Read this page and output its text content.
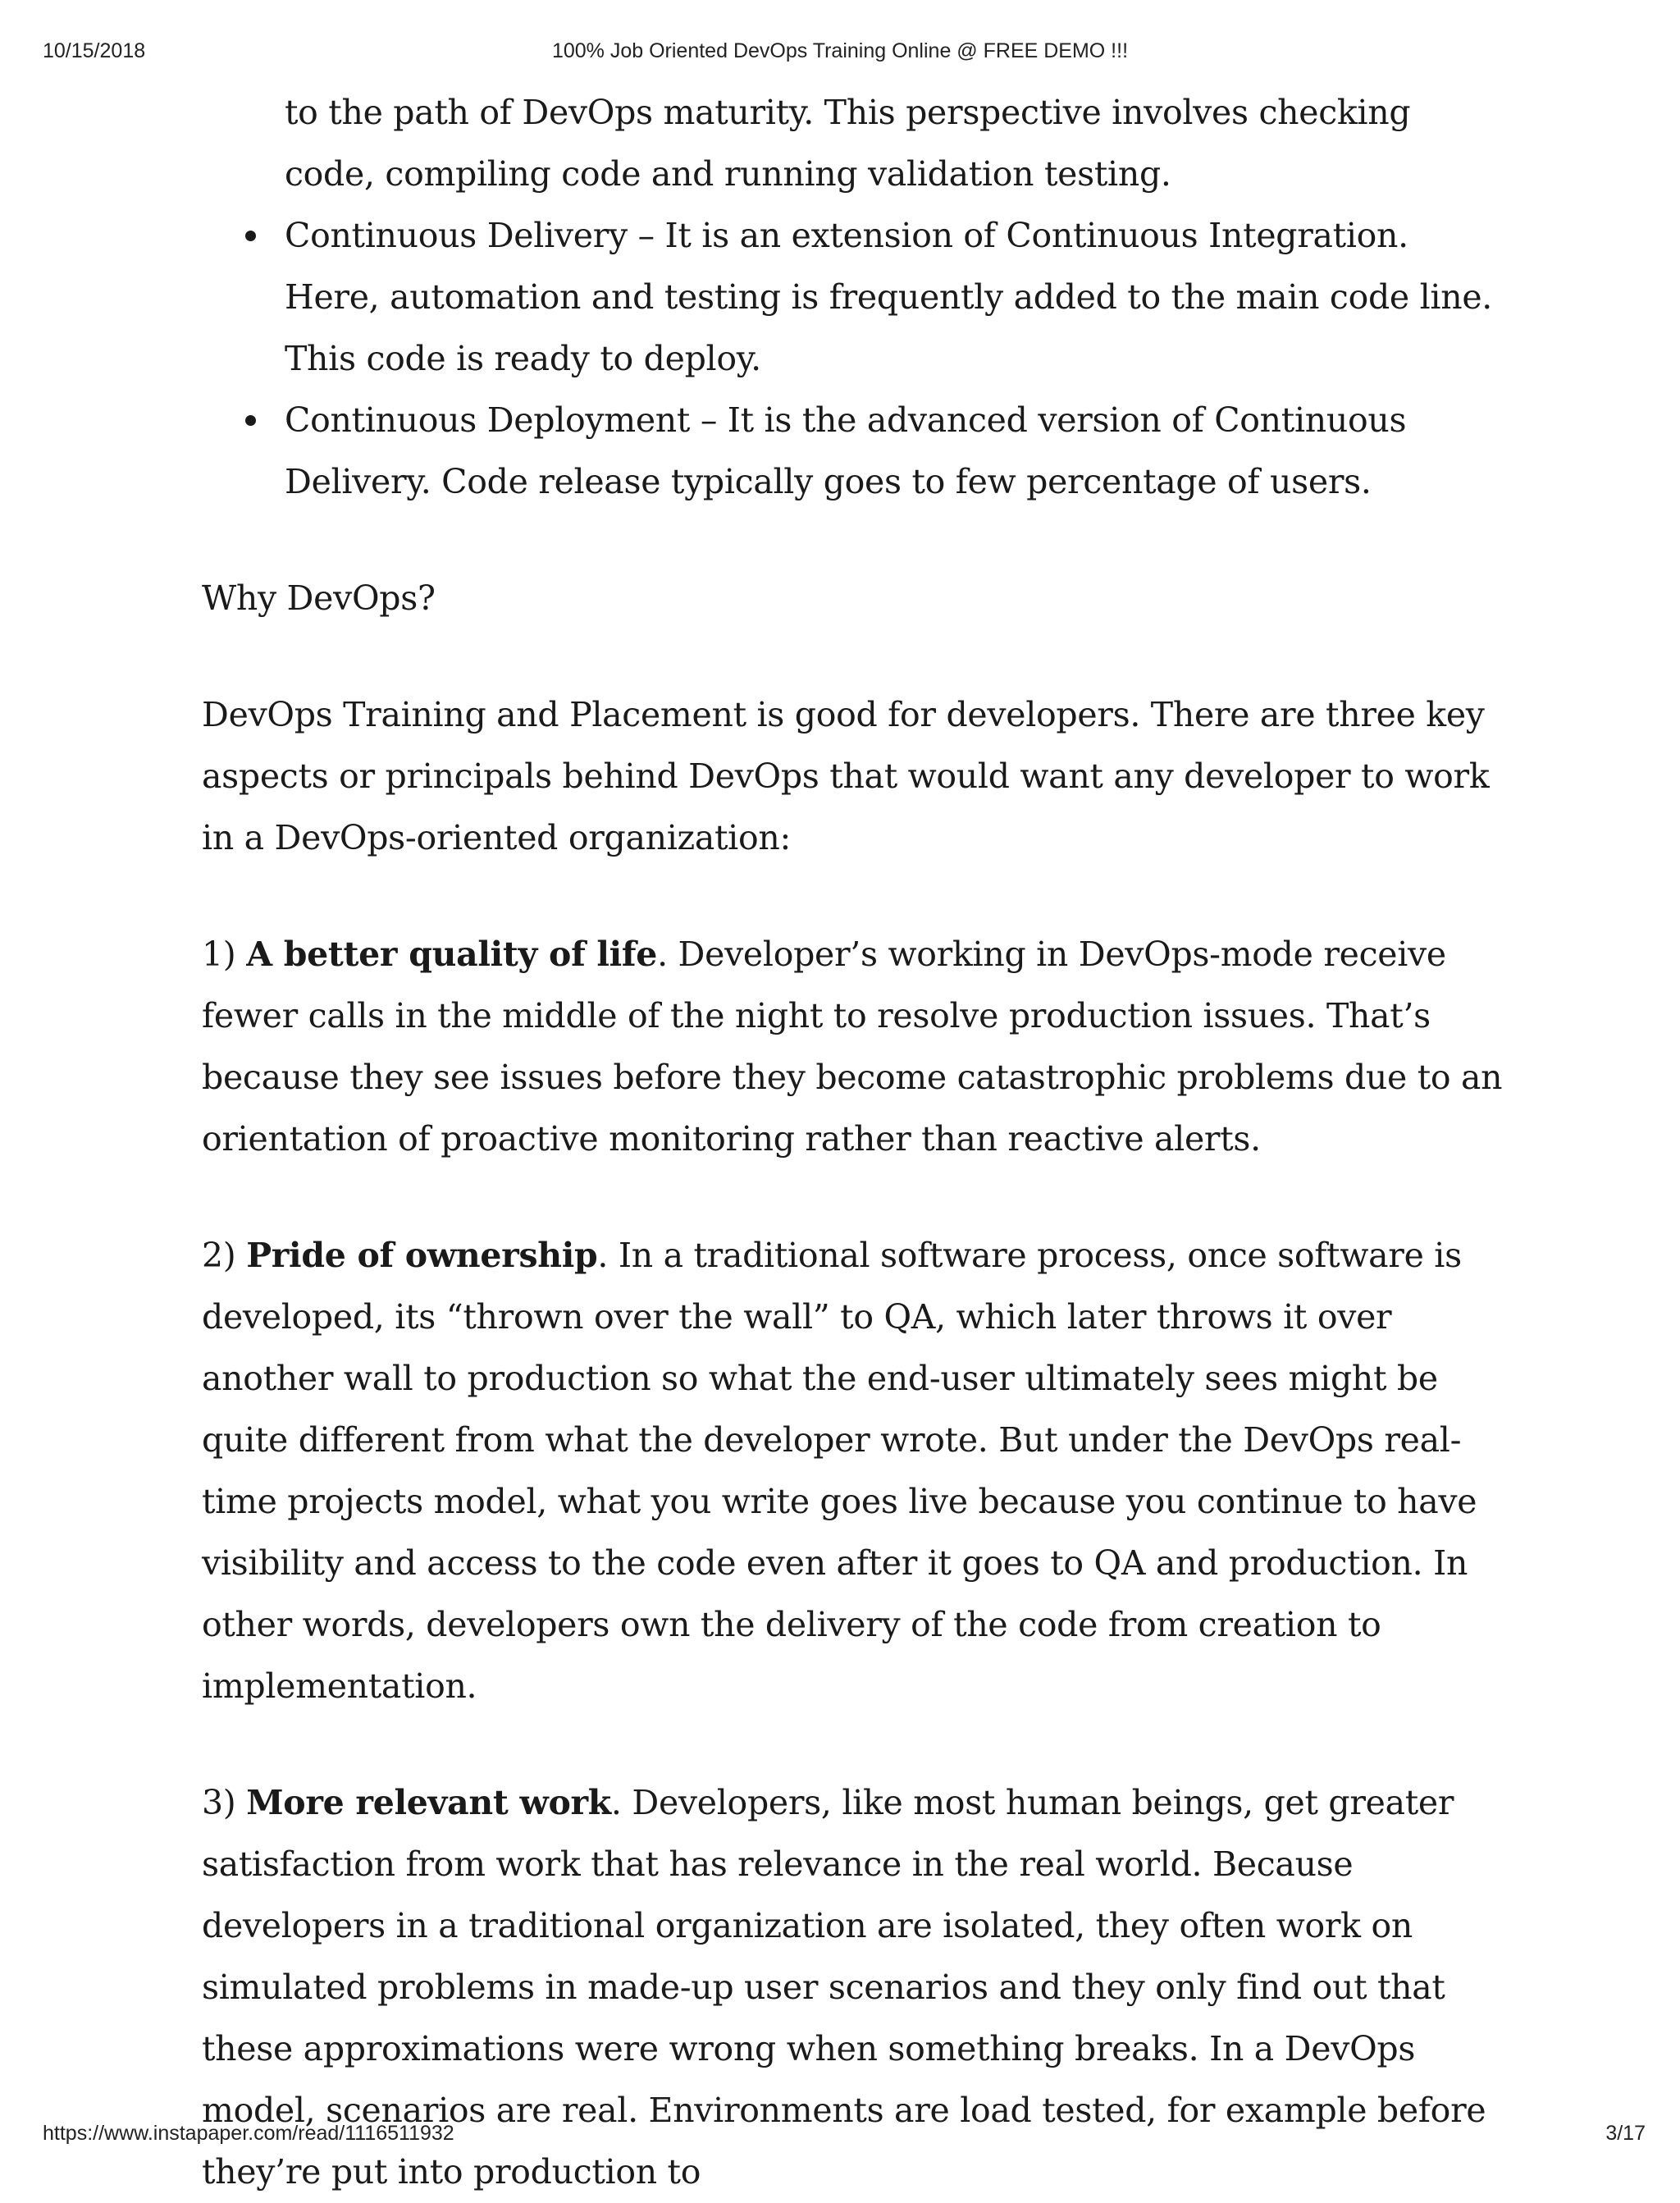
10/15/2018	100% Job Oriented DevOps Training Online @ FREE DEMO !!!
to the path of DevOps maturity. This perspective involves checking code, compiling code and running validation testing.
Continuous Delivery – It is an extension of Continuous Integration. Here, automation and testing is frequently added to the main code line. This code is ready to deploy.
Continuous Deployment – It is the advanced version of Continuous Delivery. Code release typically goes to few percentage of users.

Why DevOps?

DevOps Training and Placement is good for developers. There are three key aspects or principals behind DevOps that would want any developer to work in a DevOps-oriented organization:

1) A better quality of life. Developer’s working in DevOps-mode receive fewer calls in the middle of the night to resolve production issues. That’s because they see issues before they become catastrophic problems due to an orientation of proactive monitoring rather than reactive alerts.

2) Pride of ownership. In a traditional software process, once software is developed, its “thrown over the wall” to QA, which later throws it over another wall to production so what the end-user ultimately sees might be quite different from what the developer wrote. But under the DevOps real-time projects model, what you write goes live because you continue to have visibility and access to the code even after it goes to QA and production. In other words, developers own the delivery of the code from creation to implementation.

3) More relevant work. Developers, like most human beings, get greater satisfaction from work that has relevance in the real world. Because developers in a traditional organization are isolated, they often work on simulated problems in made-up user scenarios and they only find out that these approximations were wrong when something breaks. In a DevOps model, scenarios are real. Environments are load tested, for example before they’re put into production to

https://www.instapaper.com/read/1116511932	3/17
